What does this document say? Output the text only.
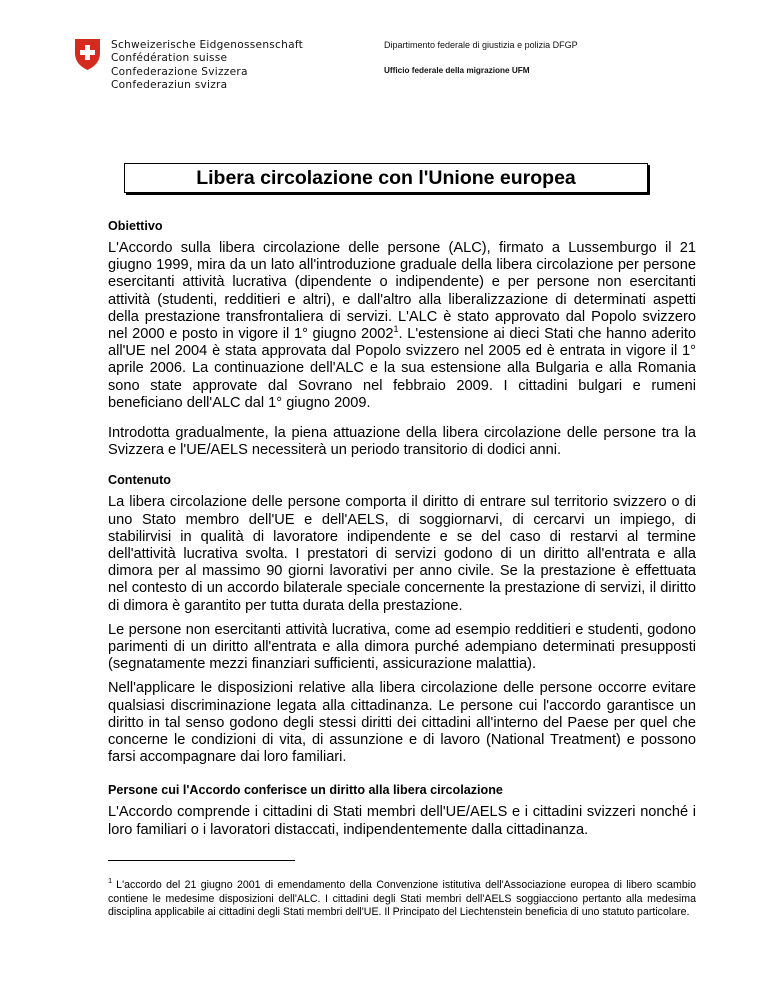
Schweizerische Eidgenossenschaft
Confédération suisse
Confederazione Svizzera
Confederaziun svizra
Dipartimento federale di giustizia e polizia DFGP
Ufficio federale della migrazione UFM
Libera circolazione con l'Unione europea
Obiettivo

L'Accordo sulla libera circolazione delle persone (ALC), firmato a Lussemburgo il 21 giugno 1999, mira da un lato all'introduzione graduale della libera circolazione per persone esercitanti attività lucrativa (dipendente o indipendente) e per persone non esercitanti attività (studenti, redditieri e altri), e dall'altro alla liberalizzazione di determinati aspetti della prestazione transfrontaliera di servizi. L'ALC è stato approvato dal Popolo svizzero nel 2000 e posto in vigore il 1° giugno 2002$^1$. L'estensione ai dieci Stati che hanno aderito all'UE nel 2004 è stata approvata dal Popolo svizzero nel 2005 ed è entrata in vigore il 1° aprile 2006. La continuazione dell'ALC e la sua estensione alla Bulgaria e alla Romania sono state approvate dal Sovrano nel febbraio 2009. I cittadini bulgari e rumeni beneficiano dell'ALC dal 1° giugno 2009.

Introdotta gradualmente, la piena attuazione della libera circolazione delle persone tra la Svizzera e l'UE/AELS necessiterà un periodo transitorio di dodici anni.

Contenuto

La libera circolazione delle persone comporta il diritto di entrare sul territorio svizzero o di uno Stato membro dell'UE e dell'AELS, di soggiornarvi, di cercarvi un impiego, di stabilirvisi in qualità di lavoratore indipendente e se del caso di restarvi al termine dell'attività lucrativa svolta. I prestatori di servizi godono di un diritto all'entrata e alla dimora per al massimo 90 giorni lavorativi per anno civile. Se la prestazione è effettuata nel contesto di un accordo bilaterale speciale concernente la prestazione di servizi, il diritto di dimora è garantito per tutta durata della prestazione.

Le persone non esercitanti attività lucrativa, come ad esempio redditieri e studenti, godono parimenti di un diritto all'entrata e alla dimora purché adempiano determinati presupposti (segnatamente mezzi finanziari sufficienti, assicurazione malattia).

Nell'applicare le disposizioni relative alla libera circolazione delle persone occorre evitare qualsiasi discriminazione legata alla cittadinanza. Le persone cui l'accordo garantisce un diritto in tal senso godono degli stessi diritti dei cittadini all'interno del Paese per quel che concerne le condizioni di vita, di assunzione e di lavoro (National Treatment) e possono farsi accompagnare dai loro familiari.

Persone cui l'Accordo conferisce un diritto alla libera circolazione

L'Accordo comprende i cittadini di Stati membri dell'UE/AELS e i cittadini svizzeri nonché i loro familiari o i lavoratori distaccati, indipendentemente dalla cittadinanza.

$^1$ L'accordo del 21 giugno 2001 di emendamento della Convenzione istitutiva dell'Associazione europea di libero scambio contiene le medesime disposizioni dell'ALC. I cittadini degli Stati membri dell'AELS soggiacciono pertanto alla medesima disciplina applicabile ai cittadini degli Stati membri dell'UE. Il Principato del Liechtenstein beneficia di uno statuto particolare.
